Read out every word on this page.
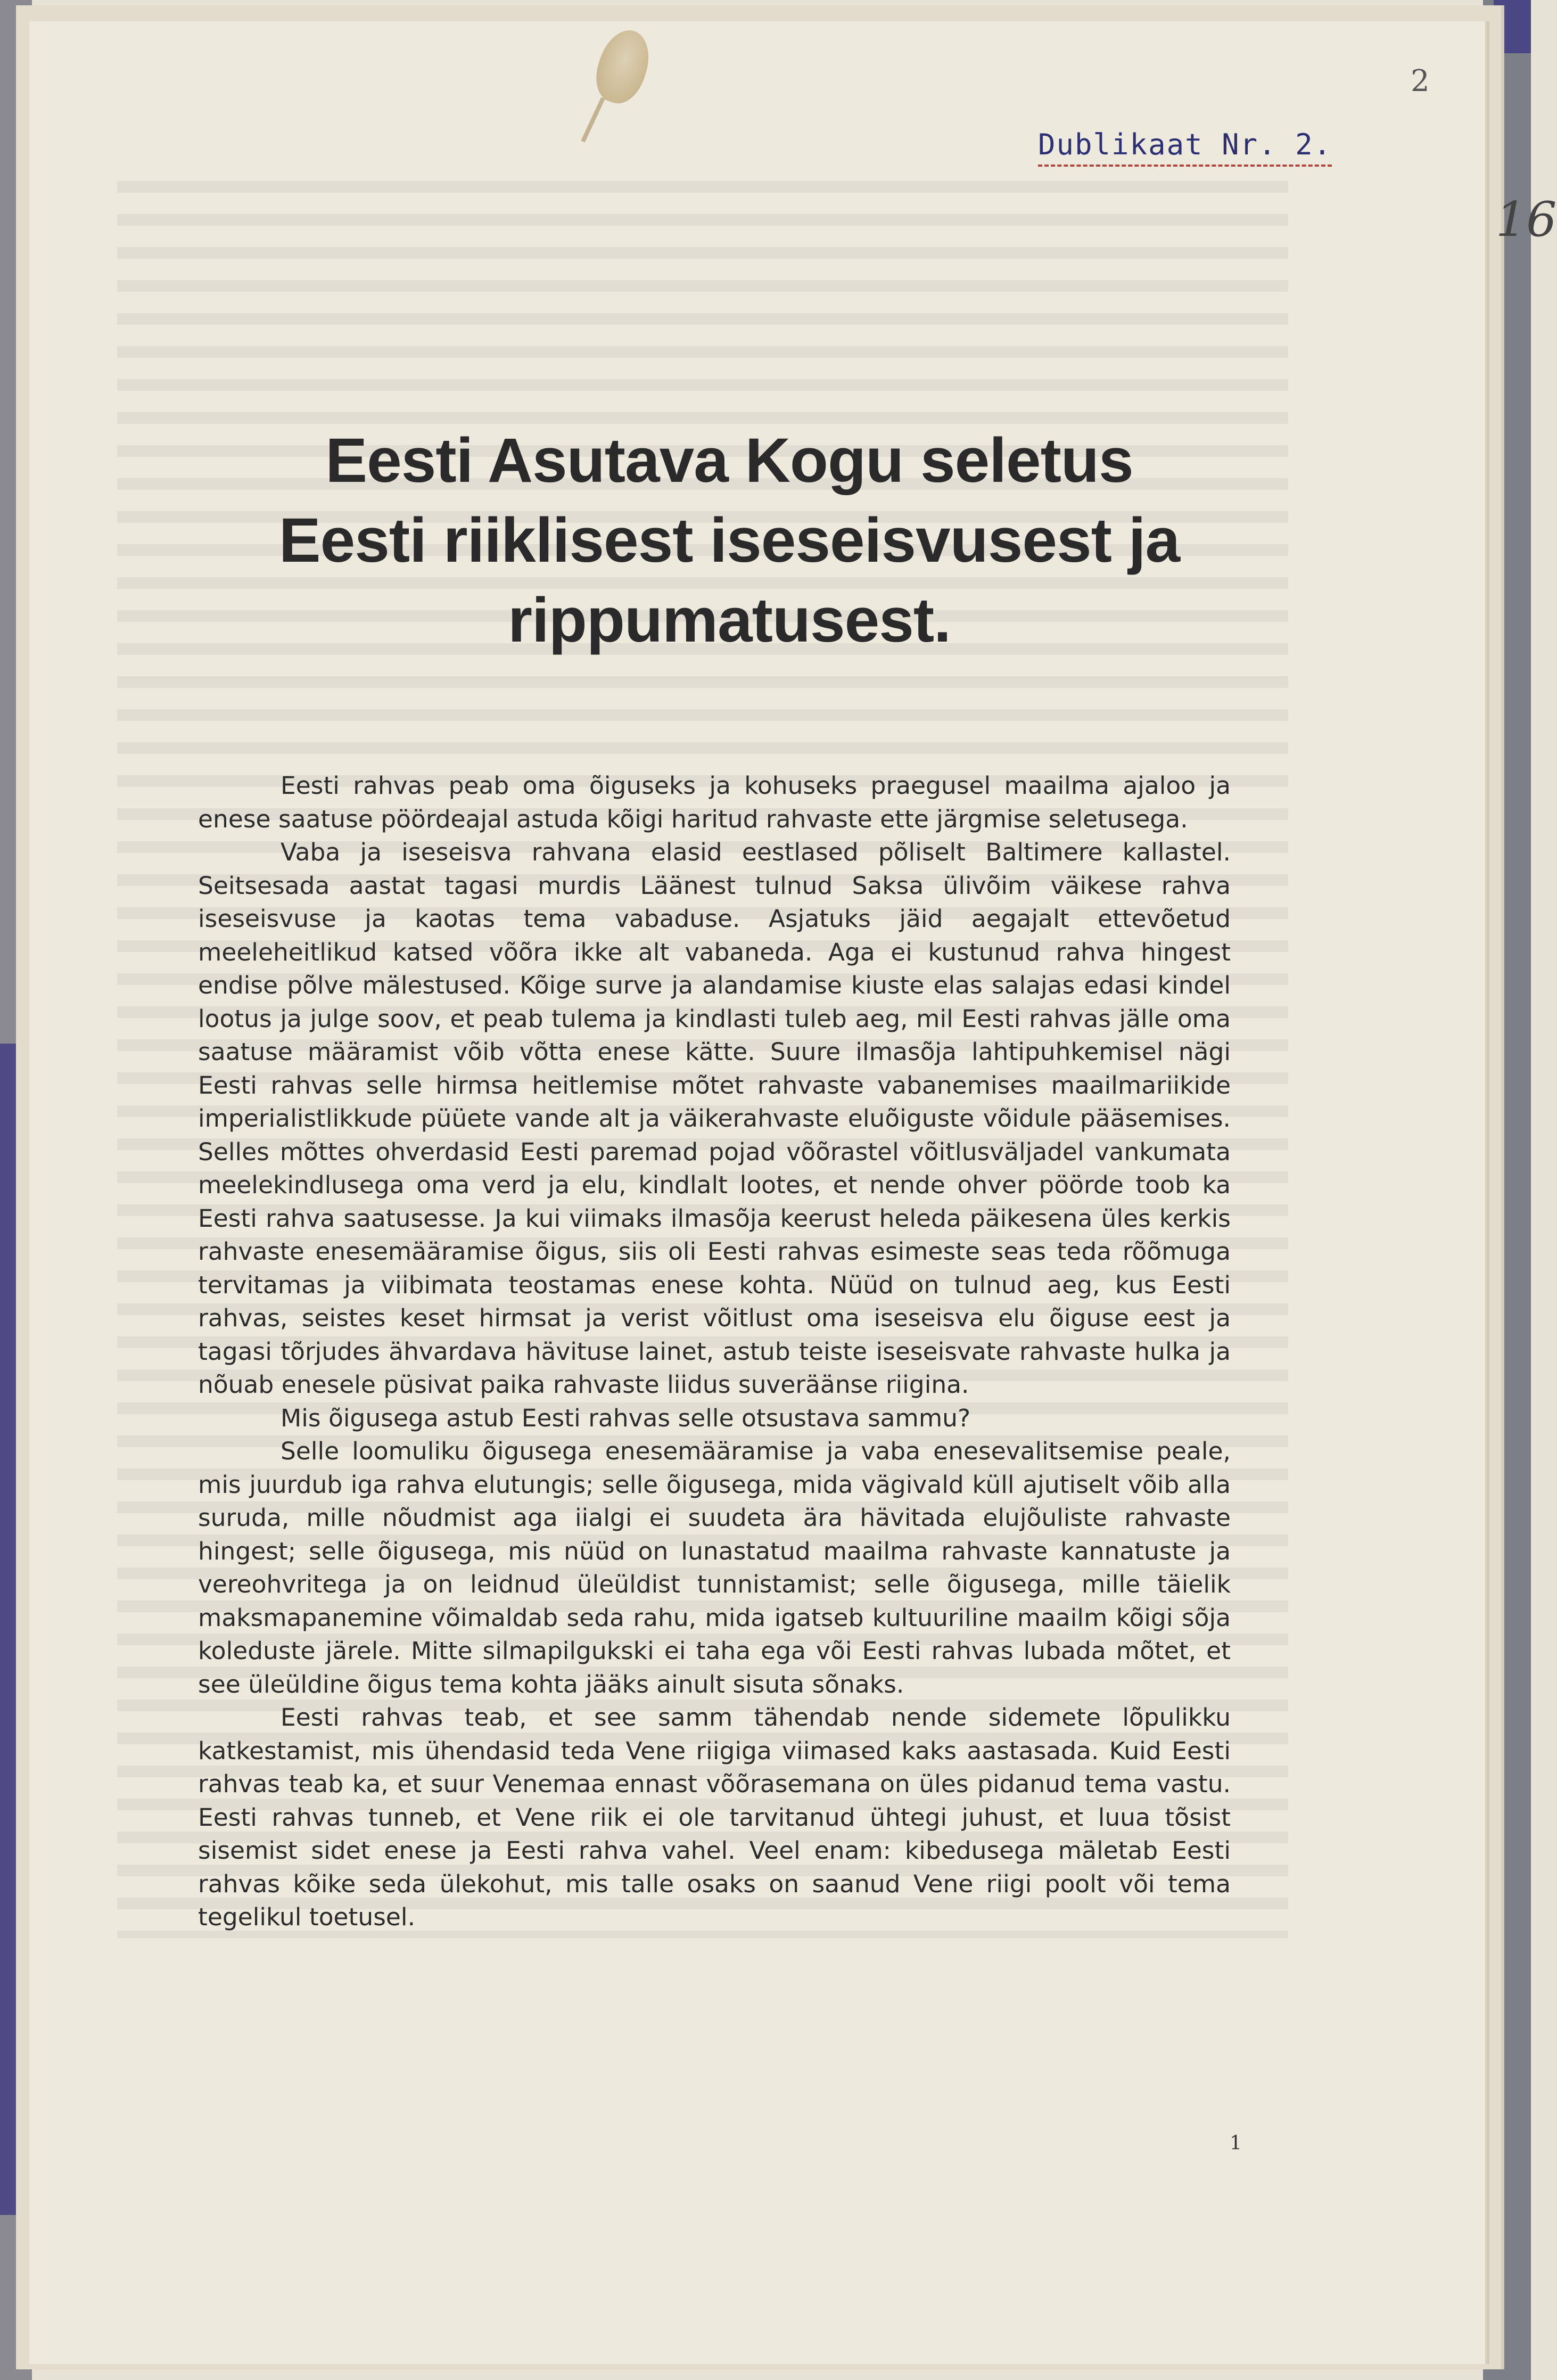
2
16
Dublikaat Nr. 2.
Eesti Asutava Kogu seletus
Eesti riiklisest iseseisvusest ja
rippumatusest.

Eesti rahvas peab oma õiguseks ja kohuseks praegusel maailma ajaloo ja enese saatuse pöördeajal astuda kõigi haritud rahvaste ette järgmise seletusega.

Vaba ja iseseisva rahvana elasid eestlased põliselt Baltimere kallastel. Seitsesada aastat tagasi murdis Läänest tulnud Saksa ülivõim väikese rahva iseseisvuse ja kaotas tema vabaduse. Asjatuks jäid aegajalt ettevõetud meeleheitlikud katsed võõra ikke alt vabaneda. Aga ei kustunud rahva hingest endise põlve mälestused. Kõige surve ja alandamise kiuste elas salajas edasi kindel lootus ja julge soov, et peab tulema ja kindlasti tuleb aeg, mil Eesti rahvas jälle oma saatuse määramist võib võtta enese kätte. Suure ilmasõja lahtipuhkemisel nägi Eesti rahvas selle hirmsa heitlemise mõtet rahvaste vabanemises maailmariikide imperialistlikkude püüete vande alt ja väikerahvaste eluõiguste võidule pääsemises. Selles mõttes ohverdasid Eesti paremad pojad võõrastel võitlusväljadel vankumata meelekindlusega oma verd ja elu, kindlalt lootes, et nende ohver pöörde toob ka Eesti rahva saatusesse. Ja kui viimaks ilmasõja keerust heleda päikesena üles kerkis rahvaste enesemääramise õigus, siis oli Eesti rahvas esimeste seas teda rõõmuga tervitamas ja viibimata teostamas enese kohta. Nüüd on tulnud aeg, kus Eesti rahvas, seistes keset hirmsat ja verist võitlust oma iseseisva elu õiguse eest ja tagasi tõrjudes ähvardava hävituse lainet, astub teiste iseseisvate rahvaste hulka ja nõuab enesele püsivat paika rahvaste liidus suveräänse riigina.

Mis õigusega astub Eesti rahvas selle otsustava sammu?

Selle loomuliku õigusega enesemääramise ja vaba enesevalitsemise peale, mis juurdub iga rahva elutungis; selle õigusega, mida vägivald küll ajutiselt võib alla suruda, mille nõudmist aga iialgi ei suudeta ära hävitada elujõuliste rahvaste hingest; selle õigusega, mis nüüd on lunastatud maailma rahvaste kannatuste ja vereohvritega ja on leidnud üleüldist tunnistamist; selle õigusega, mille täielik maksmapanemine võimaldab seda rahu, mida igatseb kultuuriline maailm kõigi sõja koleduste järele. Mitte silmapilgukski ei taha ega või Eesti rahvas lubada mõtet, et see üleüldine õigus tema kohta jääks ainult sisuta sõnaks.

Eesti rahvas teab, et see samm tähendab nende sidemete lõpulikku katkestamist, mis ühendasid teda Vene riigiga viimased kaks aastasada. Kuid Eesti rahvas teab ka, et suur Venemaa ennast võõrasemana on üles pidanud tema vastu. Eesti rahvas tunneb, et Vene riik ei ole tarvitanud ühtegi juhust, et luua tõsist sisemist sidet enese ja Eesti rahva vahel. Veel enam: kibedusega mäletab Eesti rahvas kõike seda ülekohut, mis talle osaks on saanud Vene riigi poolt või tema tegelikul toetusel.

1
